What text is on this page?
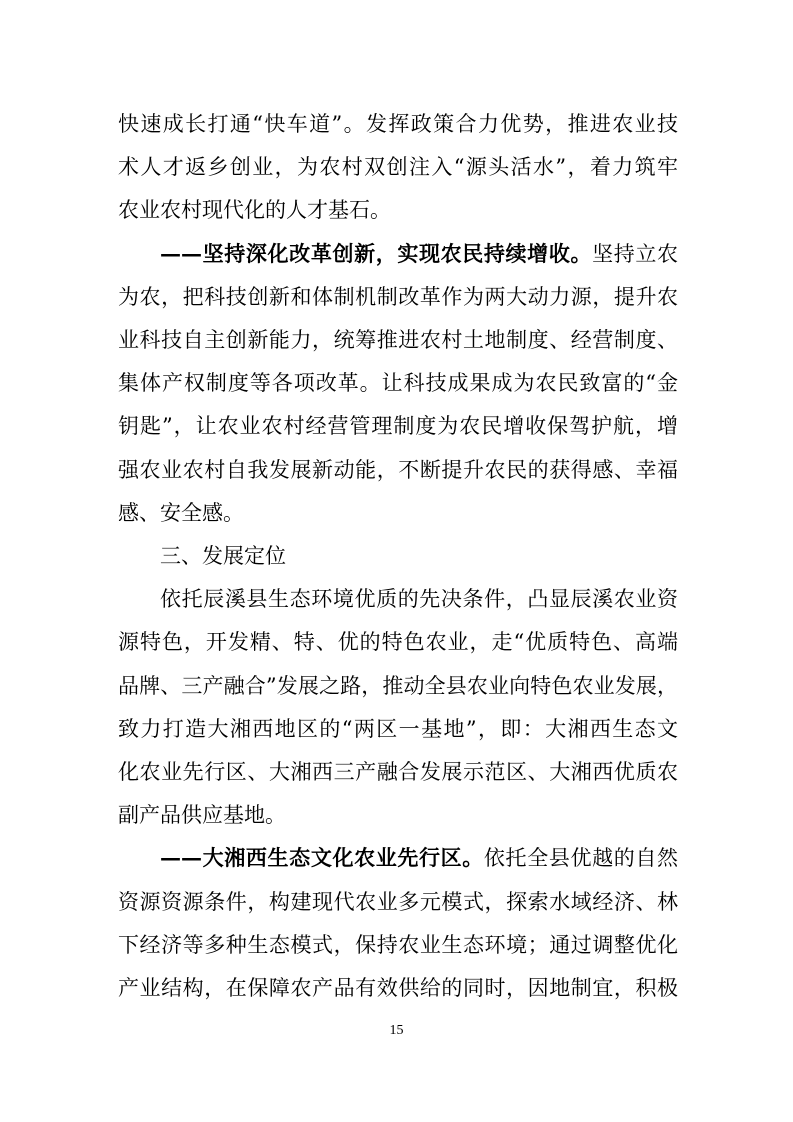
快速成长打通“快车道”。发挥政策合力优势，推进农业技
术人才返乡创业，为农村双创注入“源头活水”，着力筑牢
农业农村现代化的人才基石。
——坚持深化改革创新，实现农民持续增收。坚持立农
为农，把科技创新和体制机制改革作为两大动力源，提升农
业科技自主创新能力，统筹推进农村土地制度、经营制度、
集体产权制度等各项改革。让科技成果成为农民致富的“金
钥匙”，让农业农村经营管理制度为农民增收保驾护航，增
强农业农村自我发展新动能，不断提升农民的获得感、幸福
感、安全感。
三、发展定位
依托辰溪县生态环境优质的先决条件，凸显辰溪农业资
源特色，开发精、特、优的特色农业，走“优质特色、高端
品牌、三产融合”发展之路，推动全县农业向特色农业发展，
致力打造大湘西地区的“两区一基地”，即：大湘西生态文
化农业先行区、大湘西三产融合发展示范区、大湘西优质农
副产品供应基地。
——大湘西生态文化农业先行区。依托全县优越的自然
资源资源条件，构建现代农业多元模式，探索水域经济、林
下经济等多种生态模式，保持农业生态环境；通过调整优化
15
产业结构，在保障农产品有效供给的同时，因地制宜，积极
